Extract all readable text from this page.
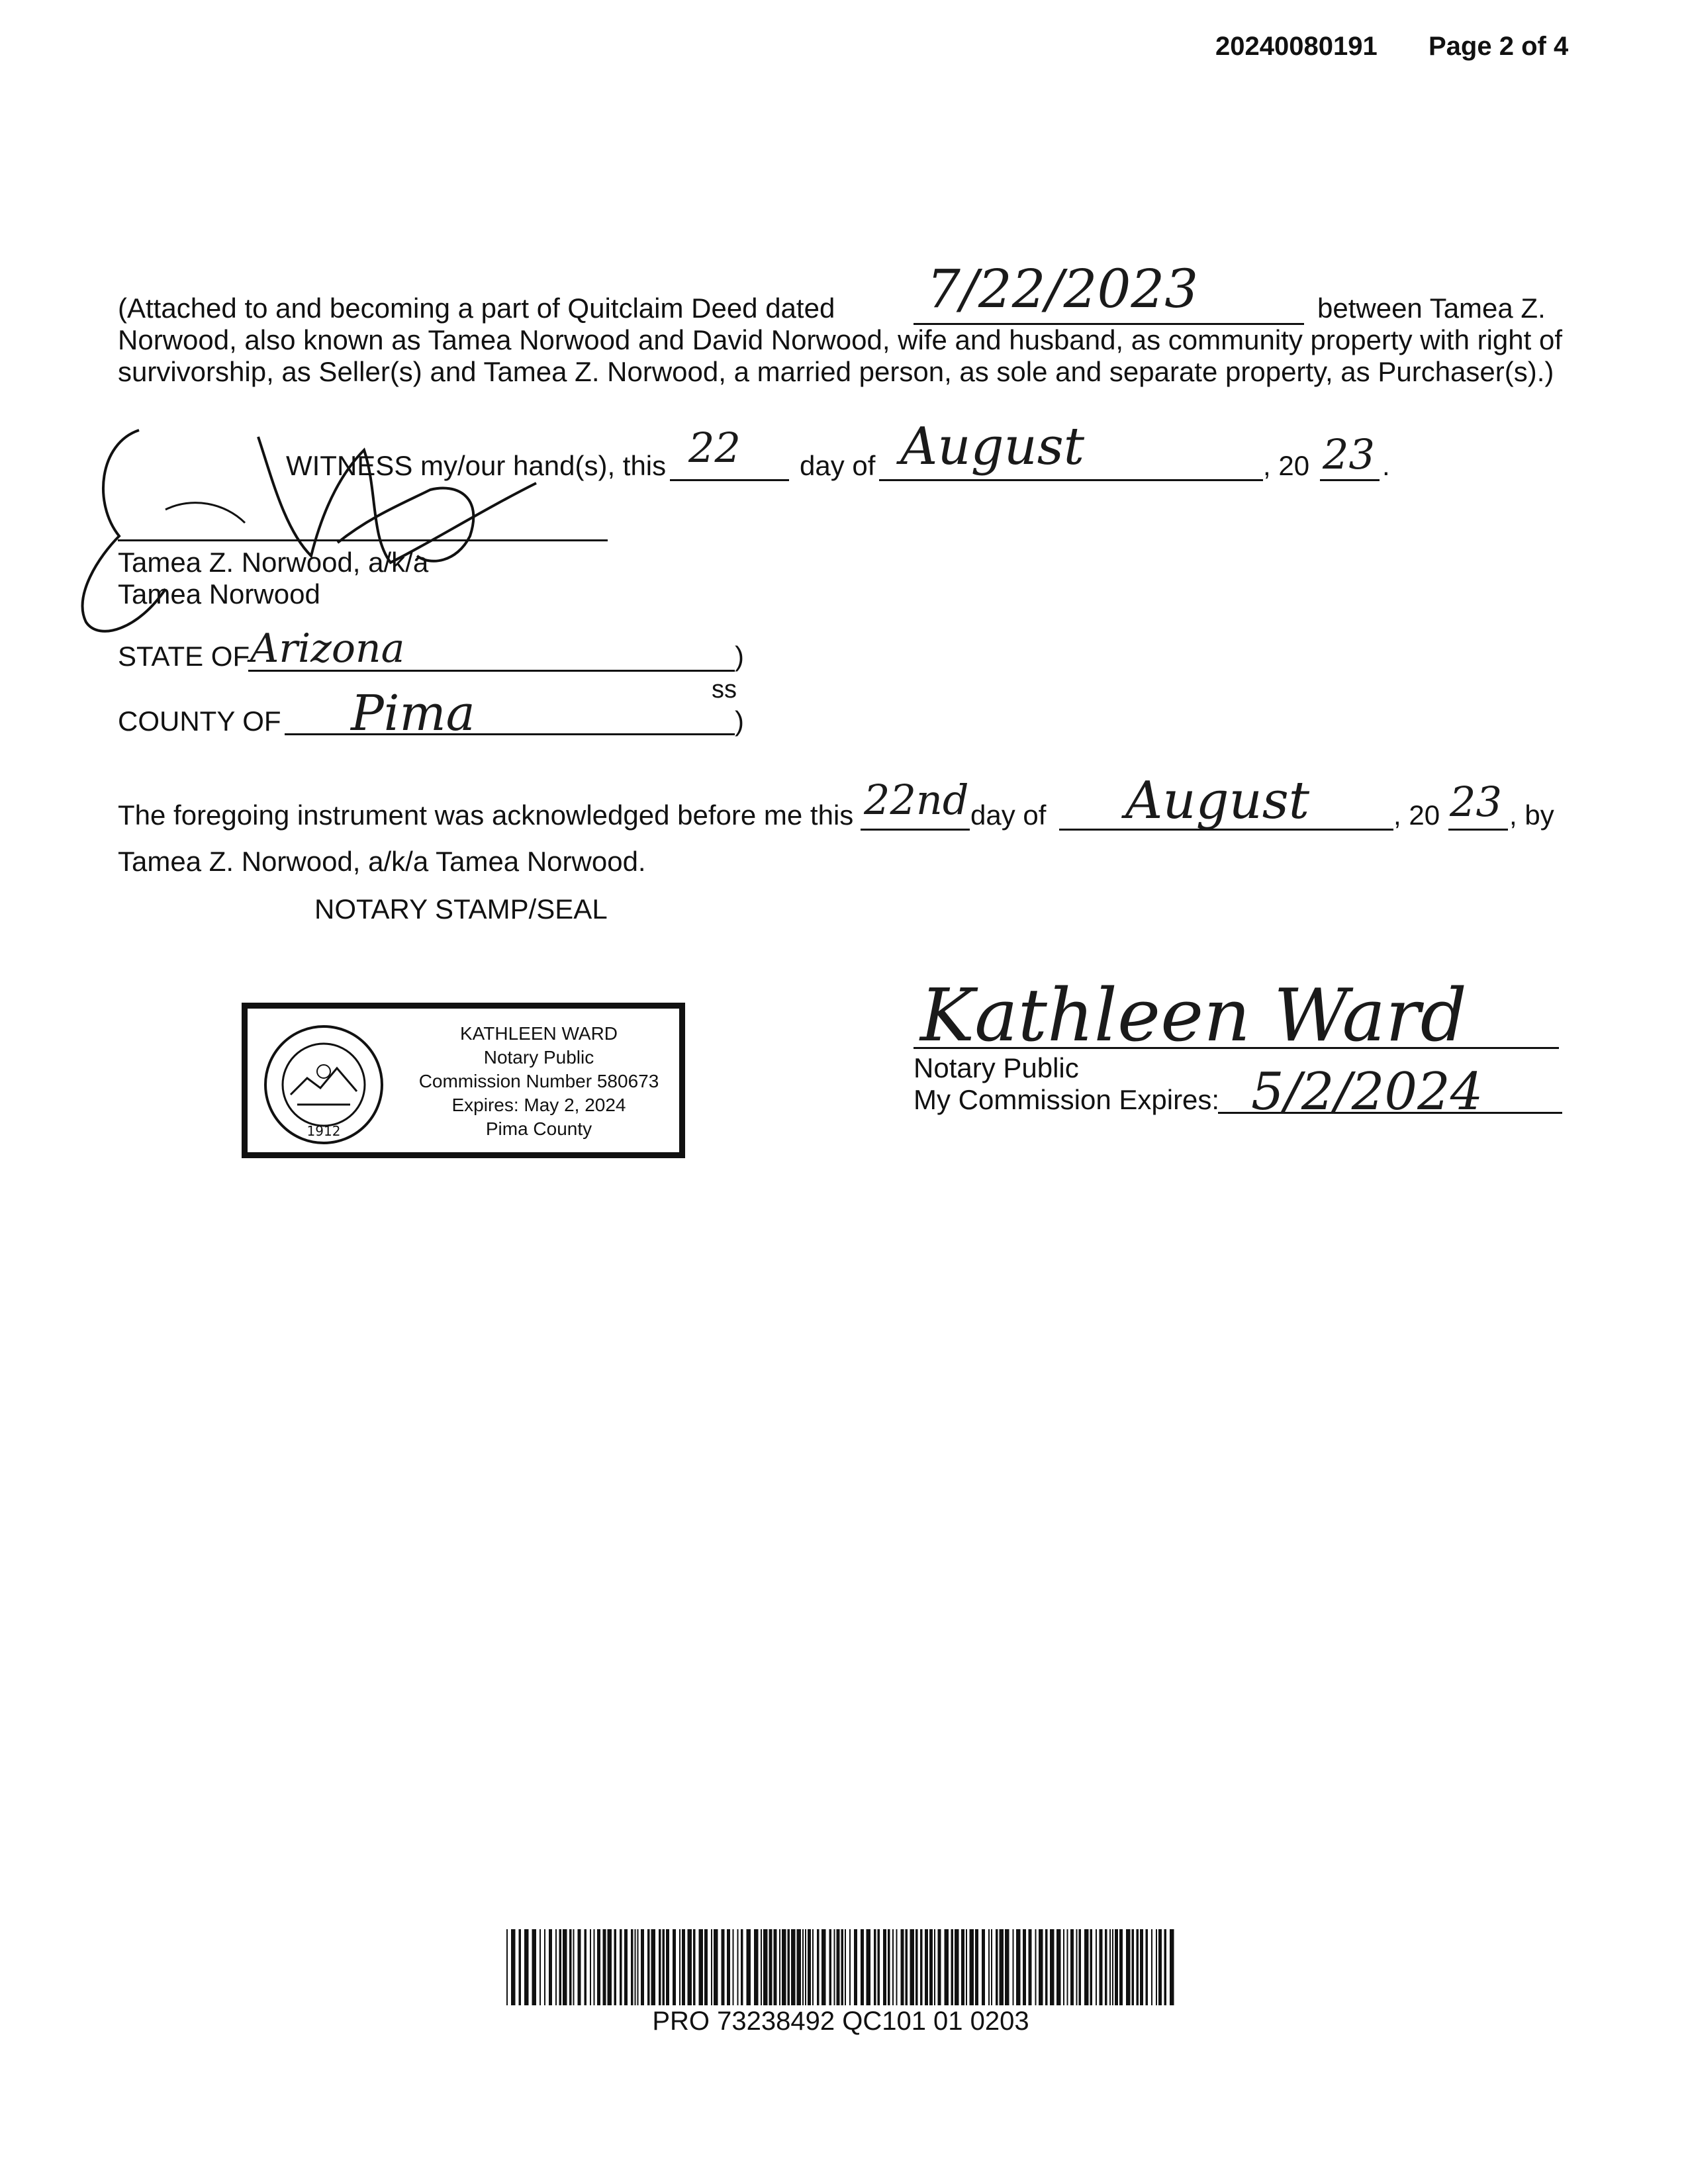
20240080191 Page 2 of 4
(Attached to and becoming a part of Quitclaim Deed dated 7/22/2023	between Tamea Z.
Norwood, also known as Tamea Norwood and David Norwood, wife and husband, as community property with right of
survivorship, as Seller(s) and Tamea Z. Norwood, a married person, as sole and separate property, as Purchaser(s).)
WITNESS my/our hand(s), this 22 day of August	, 20 23 .
Tamea Z. Norwood, a/k/a
Tamea Norwood
STATE OF Arizona	)
ss
COUNTY OF Pima	)
The foregoing instrument was acknowledged before me this 22nd day of August	, 20 23 , by
Tamea Z. Norwood, a/k/a Tamea Norwood.
NOTARY STAMP/SEAL
1912
KATHLEEN WARD
Notary Public
Commission Number 580673
Expires: May 2, 2024
Pima County
Kathleen Ward
Notary Public
My Commission Expires: 5/2/2024
PRO 73238492 QC101 01 0203
